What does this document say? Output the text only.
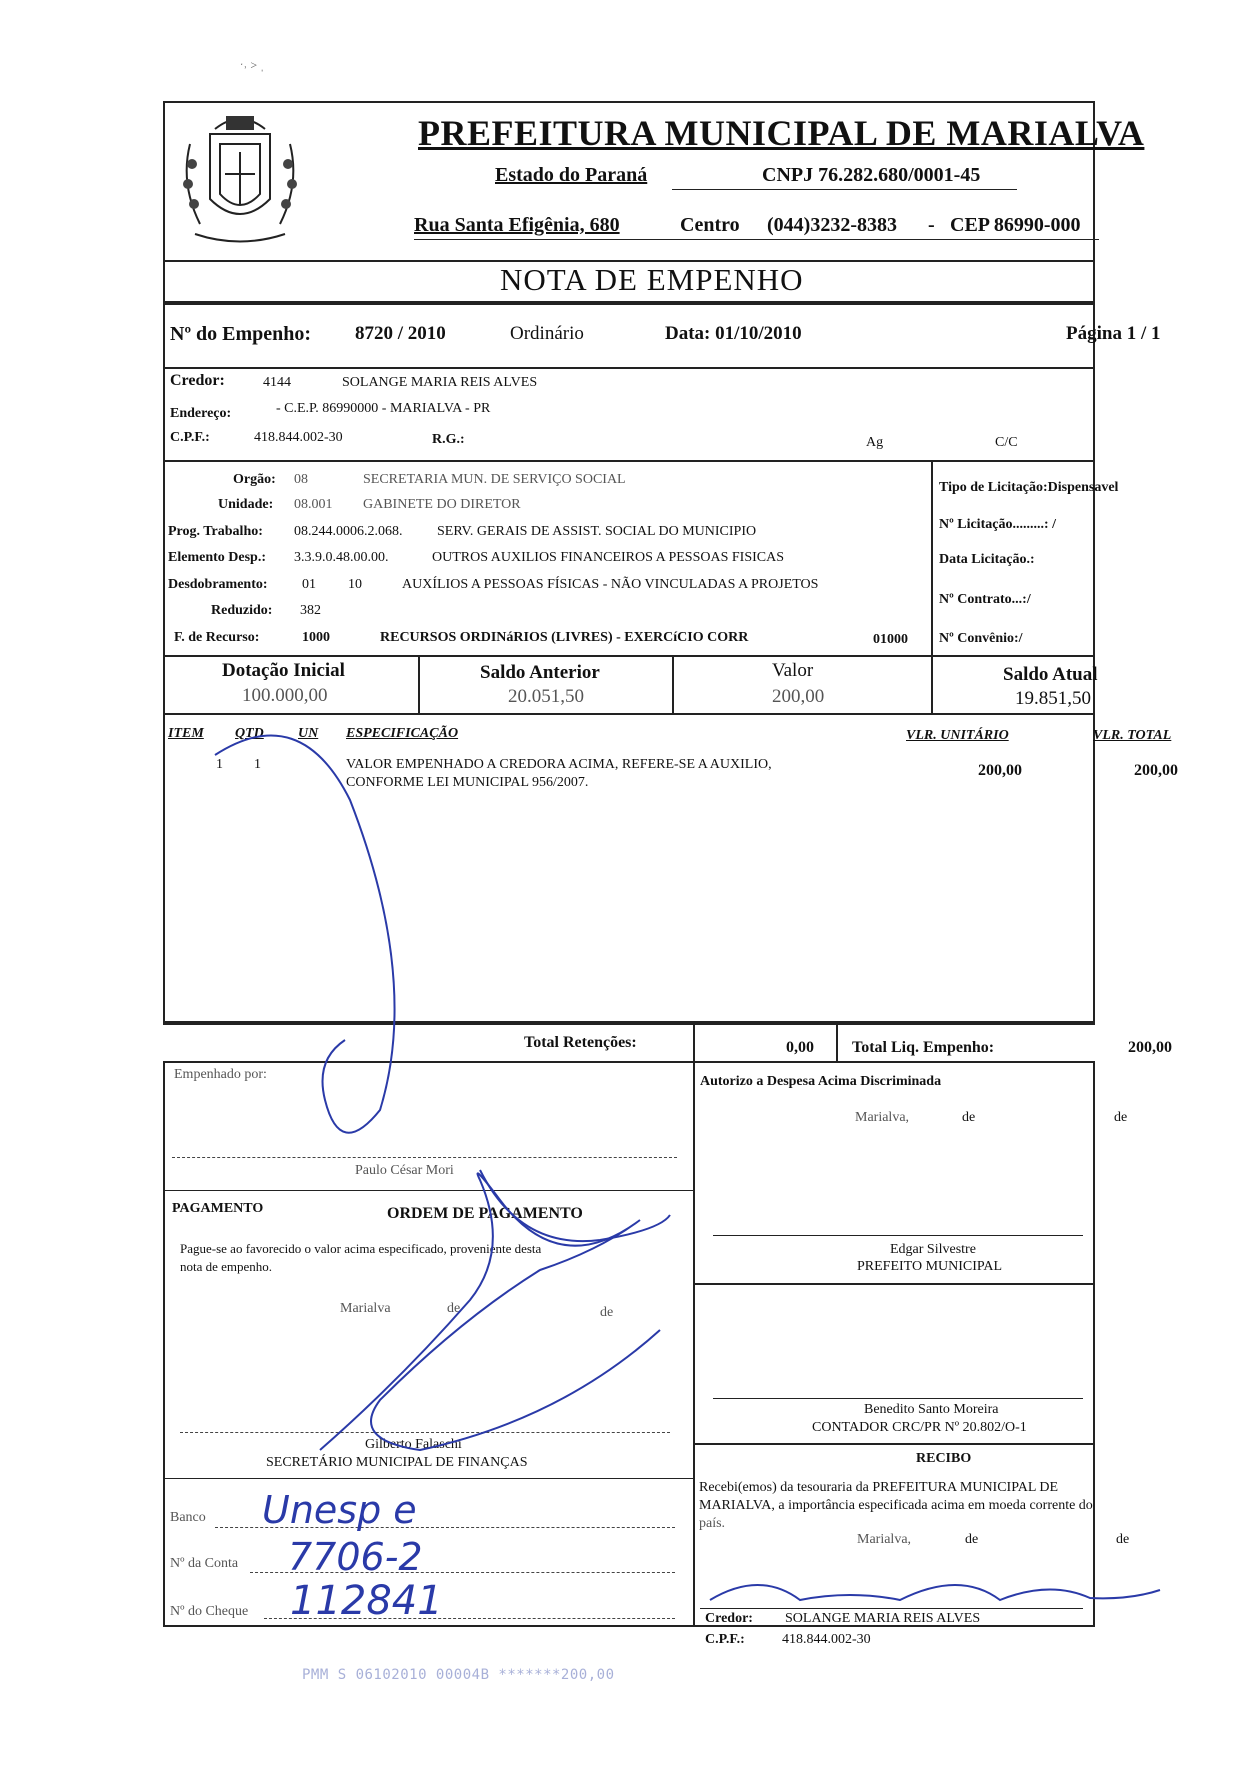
ˑ˒ ˃ ˌ
PREFEITURA MUNICIPAL DE MARIALVA
Estado do Paraná	CNPJ 76.282.680/0001-45
Rua Santa Efigênia, 680	Centro (044)3232-8383 - CEP 86990-000
NOTA DE EMPENHO
Nº do Empenho: 8720 / 2010	Ordinário	Data: 01/10/2010	Página 1 / 1
Credor:	4144	SOLANGE MARIA REIS ALVES
Endereço:	- C.E.P. 86990000 - MARIALVA - PR
C.P.F.:	418.844.002-30	R.G.:	Ag	C/C
Orgão: 08	SECRETARIA MUN. DE SERVIÇO SOCIAL
Unidade: 08.001 GABINETE DO DIRETOR
Prog. Trabalho: 08.244.0006.2.068. SERV. GERAIS DE ASSIST. SOCIAL DO MUNICIPIO
Elemento Desp.: 3.3.9.0.48.00.00.	OUTROS AUXILIOS FINANCEIROS A PESSOAS FISICAS
Desdobramento: 01 10	AUXÍLIOS A PESSOAS FÍSICAS - NÃO VINCULADAS A PROJETOS
Reduzido: 382
F. de Recurso:	1000	RECURSOS ORDINáRIOS (LIVRES) - EXERCíCIO CORR	01000
Tipo de Licitação:Dispensavel
Nº Licitação.........: /
Data Licitação.:
Nº Contrato...:/
Nº Convênio:/
Dotação Inicial
100.000,00
Saldo Anterior
20.051,50
Valor
200,00
Saldo Atual
19.851,50
ITEM QTD UN ESPECIFICAÇÃO	VLR. UNITÁRIO	VLR. TOTAL
1 1	VALOR EMPENHADO A CREDORA ACIMA, REFERE-SE A AUXILIO,
CONFORME LEI MUNICIPAL 956/2007.
200,00	200,00
Total Retenções:	0,00 Total Liq. Empenho:	200,00
Empenhado por:
Paulo César Mori
PAGAMENTO	ORDEM DE PAGAMENTO
Pague-se ao favorecido o valor acima especificado, proveniente desta
nota de empenho.
Marialva	de	de
Gilberto Falaschi
SECRETÁRIO MUNICIPAL DE FINANÇAS
Banco Unesp e
Nº da Conta 7706-2
Nº do Cheque 112841
Autorizo a Despesa Acima Discriminada
Marialva,	de	de
Edgar Silvestre
PREFEITO MUNICIPAL
Benedito Santo Moreira
CONTADOR CRC/PR Nº 20.802/O-1
RECIBO
Recebi(emos) da tesouraria da PREFEITURA MUNICIPAL DE
MARIALVA, a importância especificada acima em moeda corrente do
país.
Marialva,	de	de
Credor: SOLANGE MARIA REIS ALVES
C.P.F.:	418.844.002-30
PMM S 06102010 00004B *******200,00
